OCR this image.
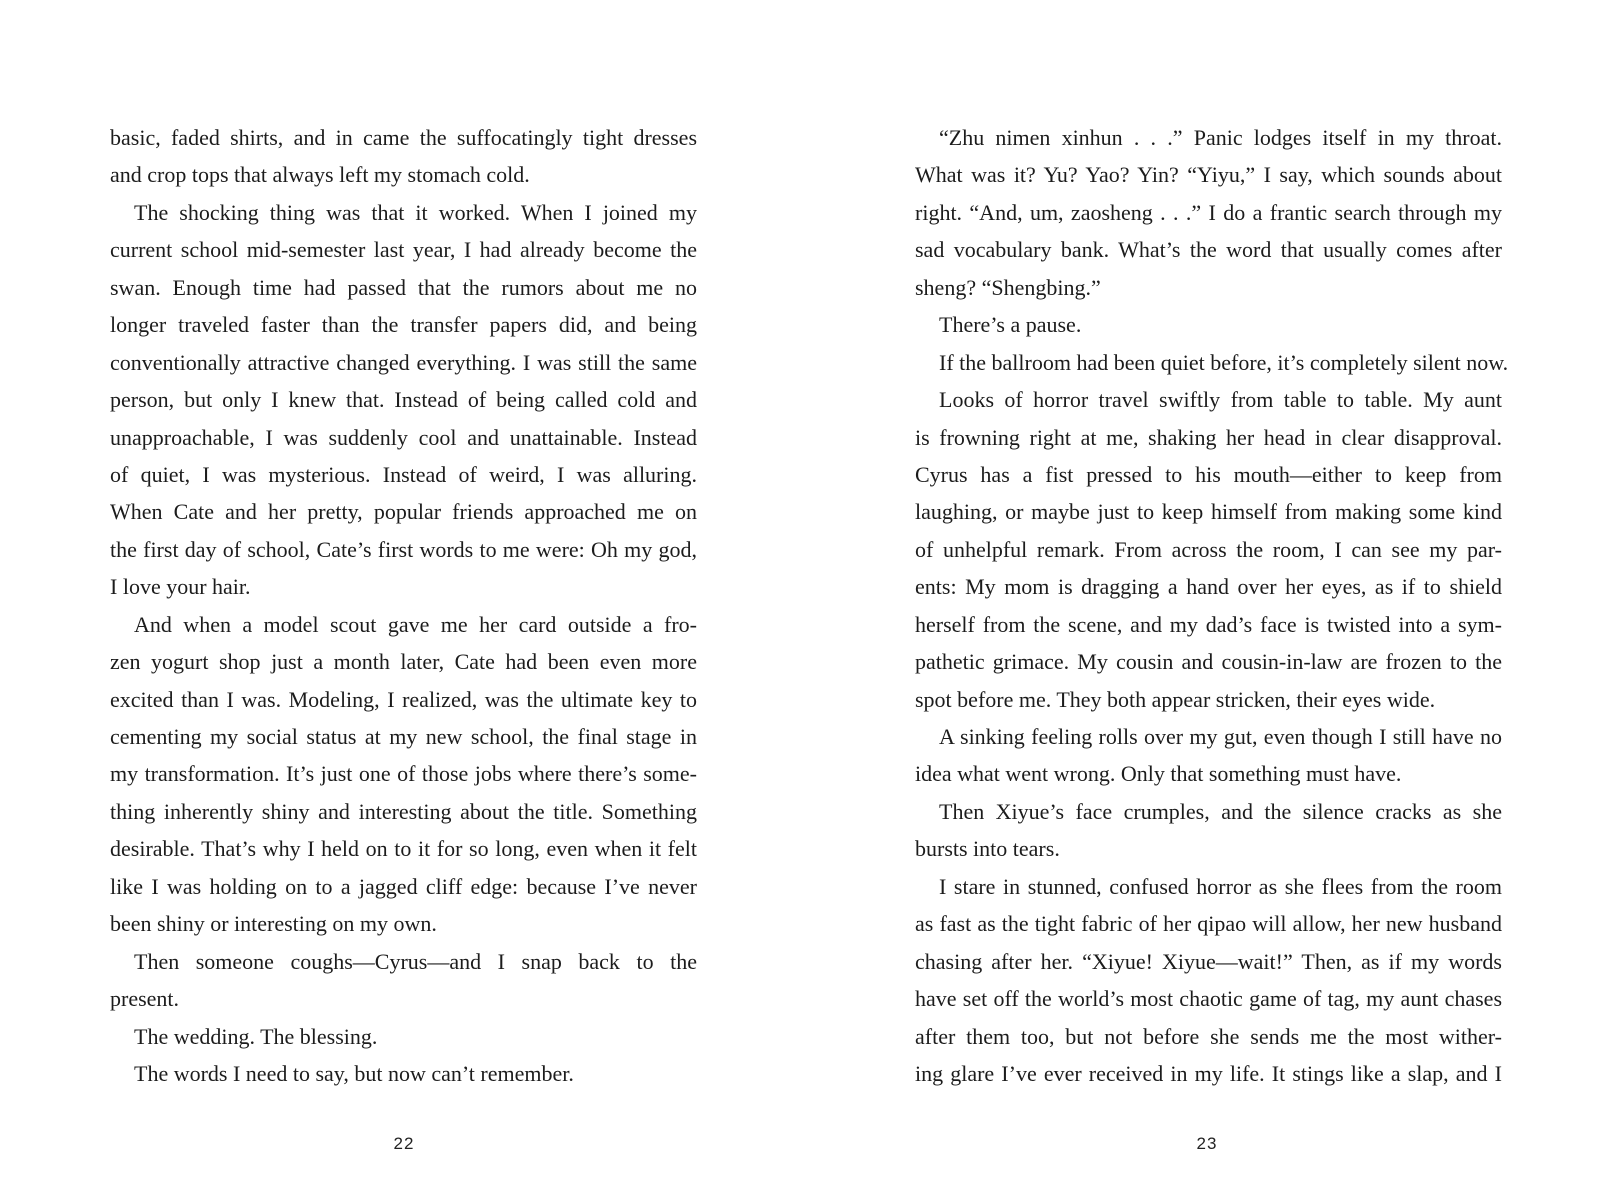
basic, faded shirts, and in came the suffocatingly tight dresses
and crop tops that always left my stomach cold.
The shocking thing was that it worked. When I joined my
current school mid-semester last year, I had already become the
swan. Enough time had passed that the rumors about me no
longer traveled faster than the transfer papers did, and being
conventionally attractive changed everything. I was still the same
person, but only I knew that. Instead of being called cold and
unapproachable, I was suddenly cool and unattainable. Instead
of quiet, I was mysterious. Instead of weird, I was alluring.
When Cate and her pretty, popular friends approached me on
the first day of school, Cate’s first words to me were: Oh my god,
I love your hair.
And when a model scout gave me her card outside a fro-
zen yogurt shop just a month later, Cate had been even more
excited than I was. Modeling, I realized, was the ultimate key to
cementing my social status at my new school, the final stage in
my transformation. It’s just one of those jobs where there’s some-
thing inherently shiny and interesting about the title. Something
desirable. That’s why I held on to it for so long, even when it felt
like I was holding on to a jagged cliff edge: because I’ve never
been shiny or interesting on my own.
Then someone coughs—Cyrus—and I snap back to the
present.
The wedding. The blessing.
The words I need to say, but now can’t remember.
“Zhu nimen xinhun . . .” Panic lodges itself in my throat.
What was it? Yu? Yao? Yin? “Yiyu,” I say, which sounds about
right. “And, um, zaosheng . . .” I do a frantic search through my
sad vocabulary bank. What’s the word that usually comes after
sheng? “Shengbing.”
There’s a pause.
If the ballroom had been quiet before, it’s completely silent now.
Looks of horror travel swiftly from table to table. My aunt
is frowning right at me, shaking her head in clear disapproval.
Cyrus has a fist pressed to his mouth—either to keep from
laughing, or maybe just to keep himself from making some kind
of unhelpful remark. From across the room, I can see my par-
ents: My mom is dragging a hand over her eyes, as if to shield
herself from the scene, and my dad’s face is twisted into a sym-
pathetic grimace. My cousin and cousin-in-law are frozen to the
spot before me. They both appear stricken, their eyes wide.
A sinking feeling rolls over my gut, even though I still have no
idea what went wrong. Only that something must have.
Then Xiyue’s face crumples, and the silence cracks as she
bursts into tears.
I stare in stunned, confused horror as she flees from the room
as fast as the tight fabric of her qipao will allow, her new husband
chasing after her. “Xiyue! Xiyue—wait!” Then, as if my words
have set off the world’s most chaotic game of tag, my aunt chases
after them too, but not before she sends me the most wither-
ing glare I’ve ever received in my life. It stings like a slap, and I
22	23
